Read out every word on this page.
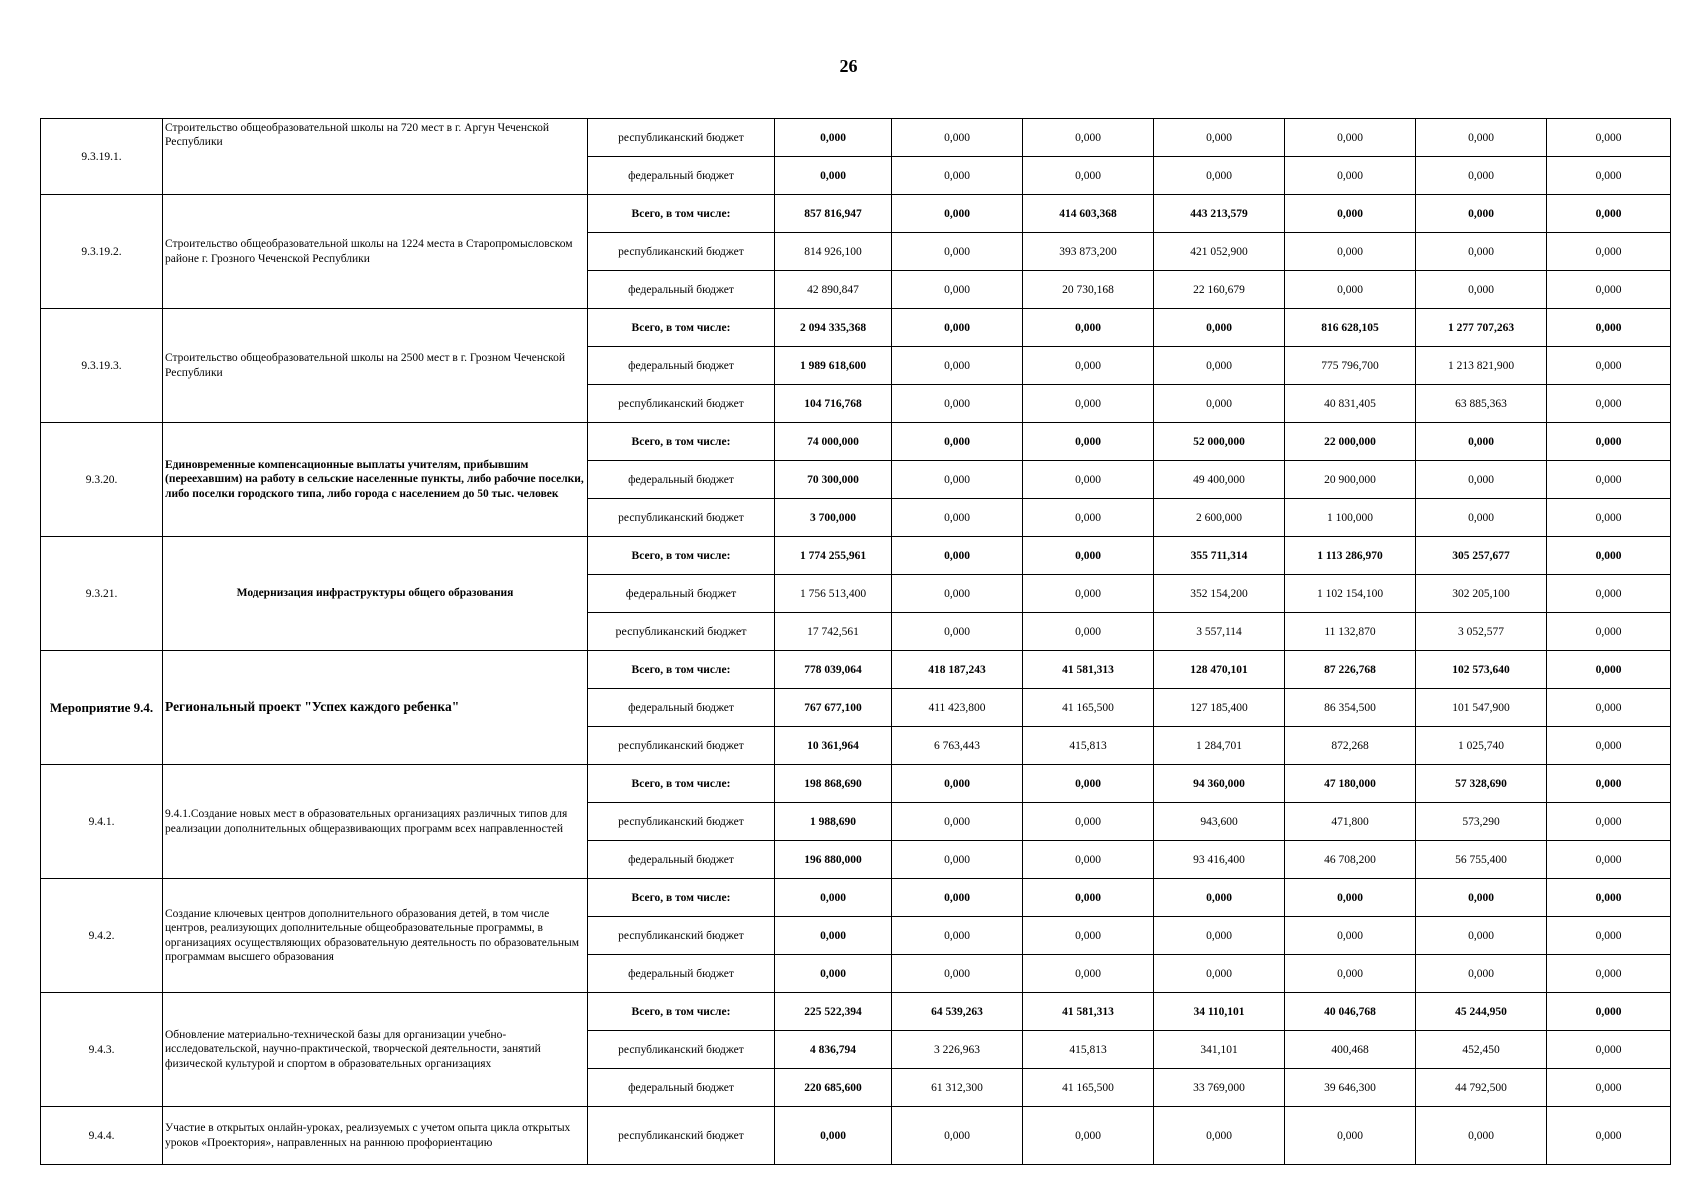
26
9.3.19.1.	Строительство общеобразовательной школы на 720 мест в г. Аргун Чеченской Республики	республиканский бюджет	0,000	0,000	0,000	0,000	0,000	0,000	0,000
		федеральный бюджет	0,000	0,000	0,000	0,000	0,000	0,000	0,000
9.3.19.2.	Строительство общеобразовательной школы на 1224 места в Старопромысловском районе г. Грозного Чеченской Республики	Всего, в том числе:	857 816,947	0,000	414 603,368	443 213,579	0,000	0,000	0,000
		республиканский бюджет	814 926,100	0,000	393 873,200	421 052,900	0,000	0,000	0,000
		федеральный бюджет	42 890,847	0,000	20 730,168	22 160,679	0,000	0,000	0,000
9.3.19.3.	Строительство общеобразовательной школы на 2500 мест в г. Грозном Чеченской Республики	Всего, в том числе:	2 094 335,368	0,000	0,000	0,000	816 628,105	1 277 707,263	0,000
		федеральный бюджет	1 989 618,600	0,000	0,000	0,000	775 796,700	1 213 821,900	0,000
		республиканский бюджет	104 716,768	0,000	0,000	0,000	40 831,405	63 885,363	0,000
9.3.20.	Единовременные компенсационные выплаты учителям, прибывшим (переехавшим) на работу в сельские населенные пункты, либо рабочие поселки, либо поселки городского типа, либо города с населением до 50 тыс. человек	Всего, в том числе:	74 000,000	0,000	0,000	52 000,000	22 000,000	0,000	0,000
		федеральный бюджет	70 300,000	0,000	0,000	49 400,000	20 900,000	0,000	0,000
		республиканский бюджет	3 700,000	0,000	0,000	2 600,000	1 100,000	0,000	0,000
9.3.21.	Модернизация инфраструктуры общего образования	Всего, в том числе:	1 774 255,961	0,000	0,000	355 711,314	1 113 286,970	305 257,677	0,000
		федеральный бюджет	1 756 513,400	0,000	0,000	352 154,200	1 102 154,100	302 205,100	0,000
		республиканский бюджет	17 742,561	0,000	0,000	3 557,114	11 132,870	3 052,577	0,000
Мероприятие 9.4.	Региональный проект "Успех каждого ребенка"	Всего, в том числе:	778 039,064	418 187,243	41 581,313	128 470,101	87 226,768	102 573,640	0,000
		федеральный бюджет	767 677,100	411 423,800	41 165,500	127 185,400	86 354,500	101 547,900	0,000
		республиканский бюджет	10 361,964	6 763,443	415,813	1 284,701	872,268	1 025,740	0,000
9.4.1.	9.4.1.Создание новых мест в образовательных организациях различных типов для реализации дополнительных общеразвивающих программ всех направленностей	Всего, в том числе:	198 868,690	0,000	0,000	94 360,000	47 180,000	57 328,690	0,000
		республиканский бюджет	1 988,690	0,000	0,000	943,600	471,800	573,290	0,000
		федеральный бюджет	196 880,000	0,000	0,000	93 416,400	46 708,200	56 755,400	0,000
9.4.2.	Создание ключевых центров дополнительного образования детей, в том числе центров, реализующих дополнительные общеобразовательные программы, в организациях осуществляющих образовательную деятельность по образовательным программам высшего образования	Всего, в том числе:	0,000	0,000	0,000	0,000	0,000	0,000	0,000
		республиканский бюджет	0,000	0,000	0,000	0,000	0,000	0,000	0,000
		федеральный бюджет	0,000	0,000	0,000	0,000	0,000	0,000	0,000
9.4.3.	Обновление материально-технической базы для организации учебно-исследовательской, научно-практической, творческой деятельности, занятий физической культурой и спортом в образовательных организациях	Всего, в том числе:	225 522,394	64 539,263	41 581,313	34 110,101	40 046,768	45 244,950	0,000
		республиканский бюджет	4 836,794	3 226,963	415,813	341,101	400,468	452,450	0,000
		федеральный бюджет	220 685,600	61 312,300	41 165,500	33 769,000	39 646,300	44 792,500	0,000
9.4.4.	Участие в открытых онлайн-уроках, реализуемых с учетом опыта цикла открытых уроков «Проектория», направленных на раннюю профориентацию	республиканский бюджет	0,000	0,000	0,000	0,000	0,000	0,000	0,000
